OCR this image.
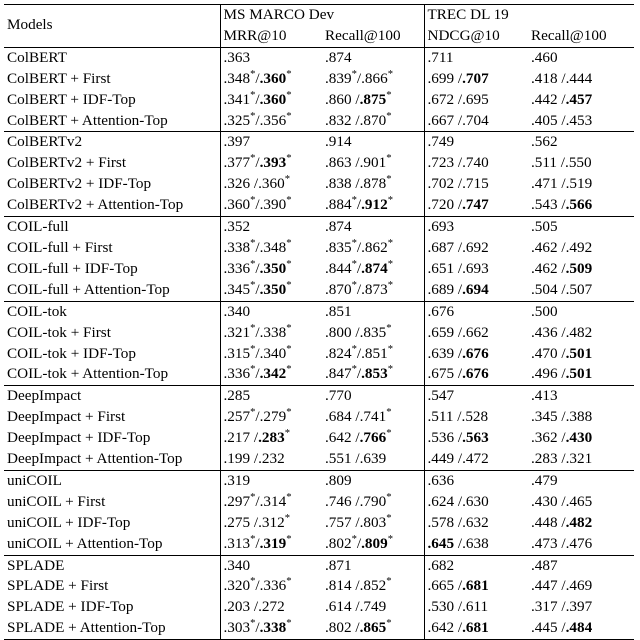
Models	MS MARCO Dev		TREC DL 19	
	MRR@10	Recall@100	NDCG@10	Recall@100
ColBERT	.363	.874	.711	.460
ColBERT + First	.348*/.360*	.839*/.866*	.699 /.707	.418 /.444
ColBERT + IDF-Top	.341*/.360*	.860 /.875*	.672 /.695	.442 /.457
ColBERT + Attention-Top	.325*/.356*	.832 /.870*	.667 /.704	.405 /.453
ColBERTv2	.397	.914	.749	.562
ColBERTv2 + First	.377*/.393*	.863 /.901*	.723 /.740	.511 /.550
ColBERTv2 + IDF-Top	.326 /.360*	.838 /.878*	.702 /.715	.471 /.519
ColBERTv2 + Attention-Top	.360*/.390*	.884*/.912*	.720 /.747	.543 /.566
COIL-full	.352	.874	.693	.505
COIL-full + First	.338*/.348*	.835*/.862*	.687 /.692	.462 /.492
COIL-full + IDF-Top	.336*/.350*	.844*/.874*	.651 /.693	.462 /.509
COIL-full + Attention-Top	.345*/.350*	.870*/.873*	.689 /.694	.504 /.507
COIL-tok	.340	.851	.676	.500
COIL-tok + First	.321*/.338*	.800 /.835*	.659 /.662	.436 /.482
COIL-tok + IDF-Top	.315*/.340*	.824*/.851*	.639 /.676	.470 /.501
COIL-tok + Attention-Top	.336*/.342*	.847*/.853*	.675 /.676	.496 /.501
DeepImpact	.285	.770	.547	.413
DeepImpact + First	.257*/.279*	.684 /.741*	.511 /.528	.345 /.388
DeepImpact + IDF-Top	.217 /.283*	.642 /.766*	.536 /.563	.362 /.430
DeepImpact + Attention-Top	.199 /.232	.551 /.639	.449 /.472	.283 /.321
uniCOIL	.319	.809	.636	.479
uniCOIL + First	.297*/.314*	.746 /.790*	.624 /.630	.430 /.465
uniCOIL + IDF-Top	.275 /.312*	.757 /.803*	.578 /.632	.448 /.482
uniCOIL + Attention-Top	.313*/.319*	.802*/.809*	.645 /.638	.473 /.476
SPLADE	.340	.871	.682	.487
SPLADE + First	.320*/.336*	.814 /.852*	.665 /.681	.447 /.469
SPLADE + IDF-Top	.203 /.272	.614 /.749	.530 /.611	.317 /.397
SPLADE + Attention-Top	.303*/.338*	.802 /.865*	.642 /.681	.445 /.484
